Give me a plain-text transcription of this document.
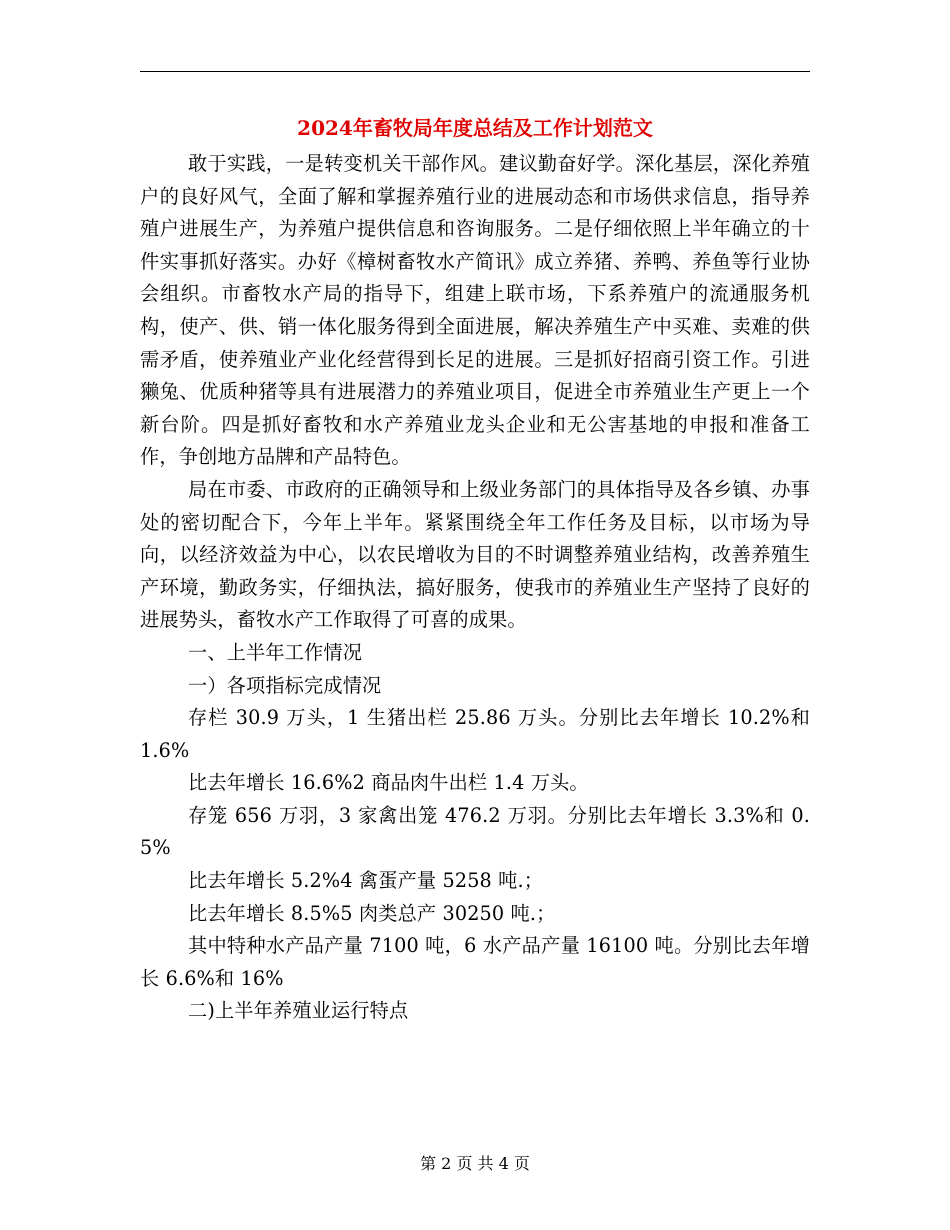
2024年畜牧局年度总结及工作计划范文

敢于实践，一是转变机关干部作风。建议勤奋好学。深化基层，深化养殖户的良好风气，全面了解和掌握养殖行业的进展动态和市场供求信息，指导养殖户进展生产，为养殖户提供信息和咨询服务。二是仔细依照上半年确立的十件实事抓好落实。办好《樟树畜牧水产简讯》成立养猪、养鸭、养鱼等行业协会组织。市畜牧水产局的指导下，组建上联市场，下系养殖户的流通服务机构，使产、供、销一体化服务得到全面进展，解决养殖生产中买难、卖难的供需矛盾，使养殖业产业化经营得到长足的进展。三是抓好招商引资工作。引进獭兔、优质种猪等具有进展潜力的养殖业项目，促进全市养殖业生产更上一个新台阶。四是抓好畜牧和水产养殖业龙头企业和无公害基地的申报和准备工作，争创地方品牌和产品特色。

局在市委、市政府的正确领导和上级业务部门的具体指导及各乡镇、办事处的密切配合下，今年上半年。紧紧围绕全年工作任务及目标，以市场为导向，以经济效益为中心，以农民增收为目的不时调整养殖业结构，改善养殖生产环境，勤政务实，仔细执法，搞好服务，使我市的养殖业生产坚持了良好的进展势头，畜牧水产工作取得了可喜的成果。

一、上半年工作情况

一）各项指标完成情况

存栏 30.9 万头，1 生猪出栏 25.86 万头。分别比去年增长 10.2%和 1.6%

比去年增长 16.6%2 商品肉牛出栏 1.4 万头。

存笼 656 万羽，3 家禽出笼 476.2 万羽。分别比去年增长 3.3%和 0.5%

比去年增长 5.2%4 禽蛋产量 5258 吨.；

比去年增长 8.5%5 肉类总产 30250 吨.；

其中特种水产品产量 7100 吨，6 水产品产量 16100 吨。分别比去年增长 6.6%和 16%

二)上半年养殖业运行特点

第 2 页 共 4 页
